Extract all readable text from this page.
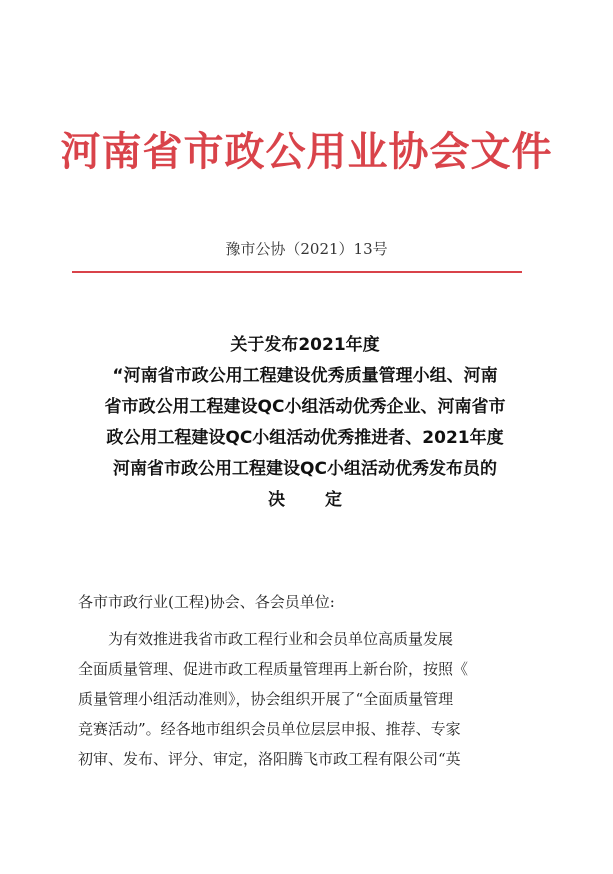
河南省市政公用业协会文件
豫市公协（2021）13号
关于发布2021年度
“河南省市政公用工程建设优秀质量管理小组、河南
省市政公用工程建设QC小组活动优秀企业、河南省市
政公用工程建设QC小组活动优秀推进者、2021年度
河南省市政公用工程建设QC小组活动优秀发布员的
决 定
各市市政行业(工程)协会、各会员单位:
为有效推进我省市政工程行业和会员单位高质量发展
全面质量管理、促进市政工程质量管理再上新台阶，按照《
质量管理小组活动准则》，协会组织开展了“全面质量管理
竞赛活动”。经各地市组织会员单位层层申报、推荐、专家
初审、发布、评分、审定，洛阳腾飞市政工程有限公司“英
